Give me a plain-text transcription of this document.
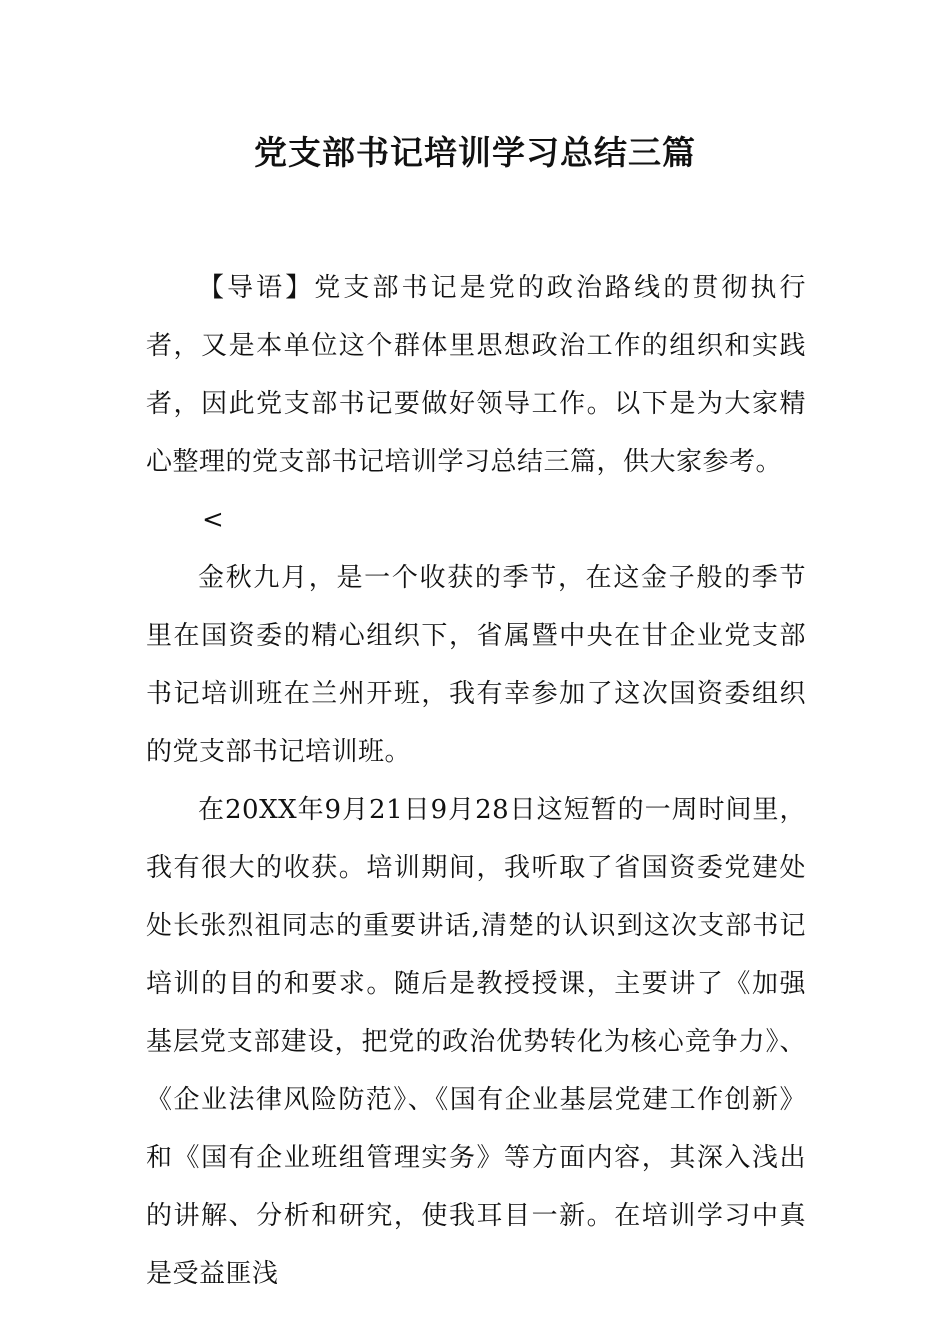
党支部书记培训学习总结三篇

【导语】党支部书记是党的政治路线的贯彻执行者，又是本单位这个群体里思想政治工作的组织和实践者，因此党支部书记要做好领导工作。以下是为大家精心整理的党支部书记培训学习总结三篇，供大家参考。

<

金秋九月，是一个收获的季节，在这金子般的季节里在国资委的精心组织下，省属暨中央在甘企业党支部书记培训班在兰州开班，我有幸参加了这次国资委组织的党支部书记培训班。

在20XX年9月21日9月28日这短暂的一周时间里，我有很大的收获。培训期间，我听取了省国资委党建处处长张烈祖同志的重要讲话,清楚的认识到这次支部书记培训的目的和要求。随后是教授授课，主要讲了《加强基层党支部建设，把党的政治优势转化为核心竞争力》、《企业法律风险防范》、《国有企业基层党建工作创新》和《国有企业班组管理实务》等方面内容，其深入浅出的讲解、分析和研究，使我耳目一新。在培训学习中真是受益匪浅
